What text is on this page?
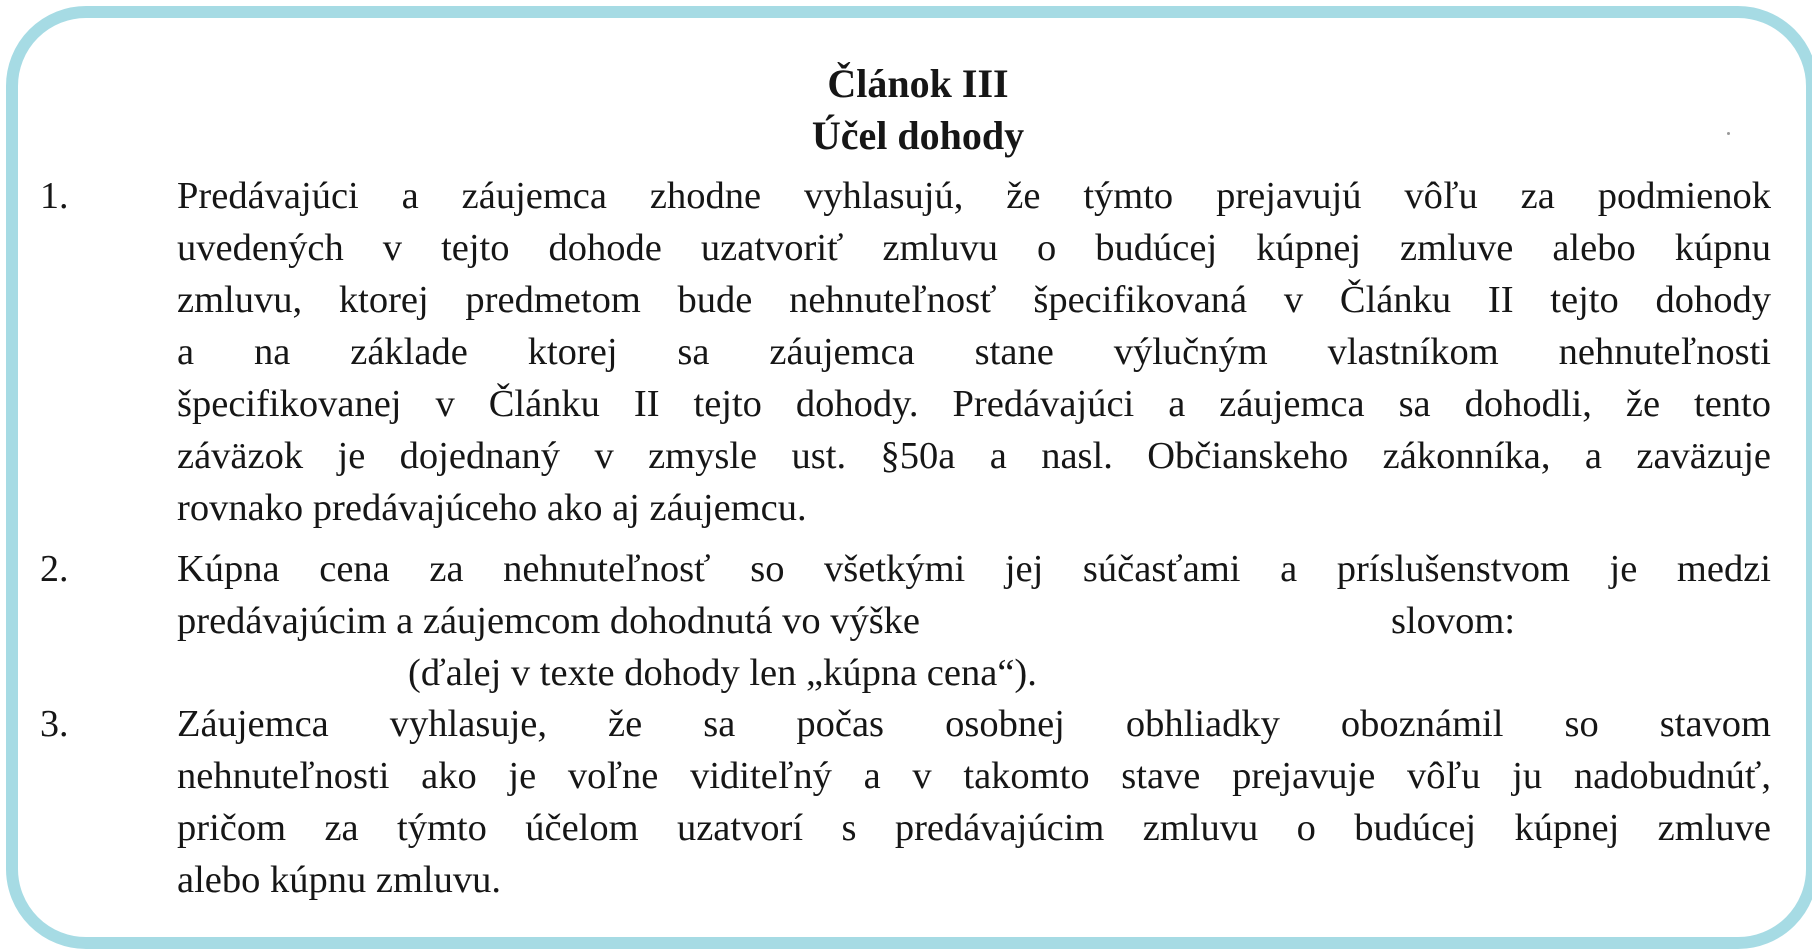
Článok III
Účel dohody
1.	Predávajúci a záujemca zhodne vyhlasujú, že týmto prejavujú vôľu za podmienok
uvedených v tejto dohode uzatvoriť zmluvu o budúcej kúpnej zmluve alebo kúpnu
zmluvu, ktorej predmetom bude nehnuteľnosť špecifikovaná v Článku II tejto dohody
a na základe ktorej sa záujemca stane výlučným vlastníkom nehnuteľnosti
špecifikovanej v Článku II tejto dohody. Predávajúci a záujemca sa dohodli, že tento
záväzok je dojednaný v zmysle ust. §50a a nasl. Občianskeho zákonníka, a zaväzuje
rovnako predávajúceho ako aj záujemcu.
2.	Kúpna cena za nehnuteľnosť so všetkými jej súčasťami a príslušenstvom je medzi
predávajúcim a záujemcom dohodnutá vo výške	slovom:
(ďalej v texte dohody len „kúpna cena“).
3.	Záujemca vyhlasuje, že sa počas osobnej obhliadky oboznámil so stavom
nehnuteľnosti ako je voľne viditeľný a v takomto stave prejavuje vôľu ju nadobudnúť,
pričom za týmto účelom uzatvorí s predávajúcim zmluvu o budúcej kúpnej zmluve
alebo kúpnu zmluvu.
